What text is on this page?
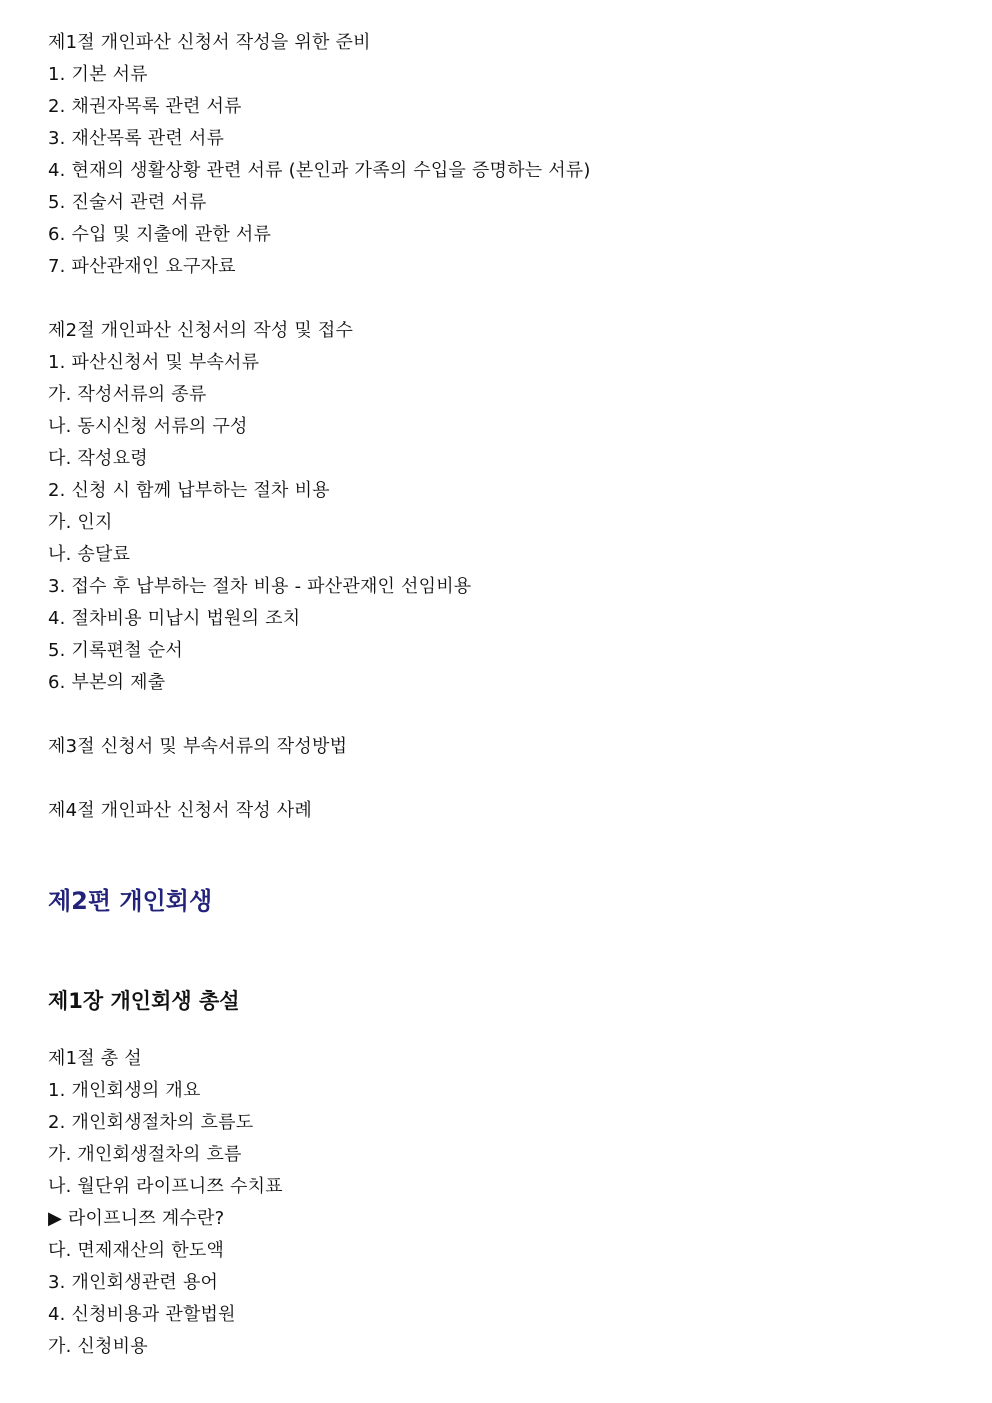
제1절 개인파산 신청서 작성을 위한 준비
1. 기본 서류
2. 채권자목록 관련 서류
3. 재산목록 관련 서류
4. 현재의 생활상황 관련 서류 (본인과 가족의 수입을 증명하는 서류)
5. 진술서 관련 서류
6. 수입 및 지출에 관한 서류
7. 파산관재인 요구자료
제2절 개인파산 신청서의 작성 및 접수
1. 파산신청서 및 부속서류
가. 작성서류의 종류
나. 동시신청 서류의 구성
다. 작성요령
2. 신청 시 함께 납부하는 절차 비용
가. 인지
나. 송달료
3. 접수 후 납부하는 절차 비용 - 파산관재인 선임비용
4. 절차비용 미납시 법원의 조치
5. 기록편철 순서
6. 부본의 제출
제3절 신청서 및 부속서류의 작성방법
제4절 개인파산 신청서 작성 사례
제2편 개인회생
제1장 개인회생 총설
제1절 총 설
1. 개인회생의 개요
2. 개인회생절차의 흐름도
가. 개인회생절차의 흐름
나. 월단위 라이프니쯔 수치표
▶ 라이프니쯔 계수란?
다. 면제재산의 한도액
3. 개인회생관련 용어
4. 신청비용과 관할법원
가. 신청비용
